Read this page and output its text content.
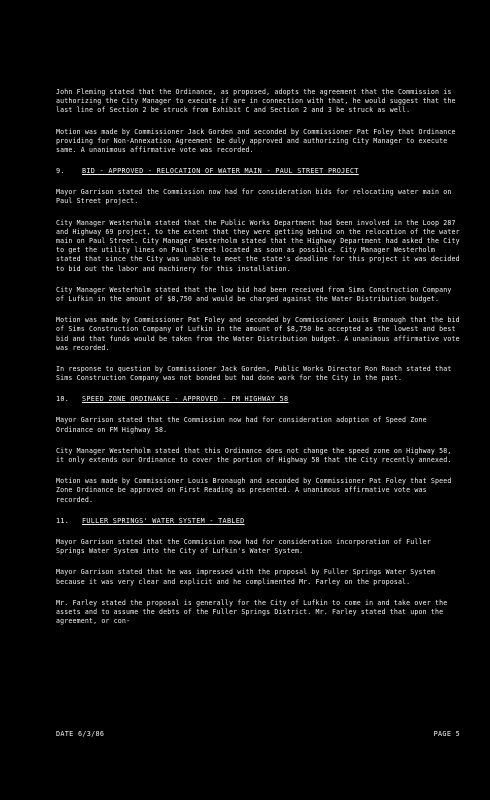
John Fleming stated that the Ordinance, as proposed, adopts the agreement that the Commission is authorizing the City Manager to execute if are in connection with that, he would suggest that the last line of Section 2 be struck from Exhibit C and Section 2 and 3 be struck as well.

Motion was made by Commissioner Jack Gorden and seconded by Commissioner Pat Foley that Ordinance providing for Non-Annexation Agreement be duly approved and authorizing City Manager to execute same. A unanimous affirmative vote was recorded.

9.	BID - APPROVED - RELOCATION OF WATER MAIN - PAUL STREET PROJECT

Mayor Garrison stated the Commission now had for consideration bids for relocating water main on Paul Street project.

City Manager Westerholm stated that the Public Works Department had been involved in the Loop 287 and Highway 69 project, to the extent that they were getting behind on the relocation of the water main on Paul Street. City Manager Westerholm stated that the Highway Department had asked the City to get the utility lines on Paul Street located as soon as possible. City Manager Westerholm stated that since the City was unable to meet the state's deadline for this project it was decided to bid out the labor and machinery for this installation.

City Manager Westerholm stated that the low bid had been received from Sims Construction Company of Lufkin in the amount of $8,750 and would be charged against the Water Distribution budget.

Motion was made by Commissioner Pat Foley and seconded by Commissioner Louis Bronaugh that the bid of Sims Construction Company of Lufkin in the amount of $8,750 be accepted as the lowest and best bid and that funds would be taken from the Water Distribution budget. A unanimous affirmative vote was recorded.

In response to question by Commissioner Jack Gorden, Public Works Director Ron Roach stated that Sims Construction Company was not bonded but had done work for the City in the past.

10. SPEED ZONE ORDINANCE - APPROVED - FM HIGHWAY 58

Mayor Garrison stated that the Commission now had for consideration adoption of Speed Zone Ordinance on FM Highway 58.

City Manager Westerholm stated that this Ordinance does not change the speed zone on Highway 58, it only extends our Ordinance to cover the portion of Highway 58 that the City recently annexed.

Motion was made by Commissioner Louis Bronaugh and seconded by Commissioner Pat Foley that Speed Zone Ordinance be approved on First Reading as presented. A unanimous affirmative vote was recorded.

11. FULLER SPRINGS' WATER SYSTEM - TABLED

Mayor Garrison stated that the Commission now had for consideration incorporation of Fuller Springs Water System into the City of Lufkin's Water System.

Mayor Garrison stated that he was impressed with the proposal by Fuller Springs Water System because it was very clear and explicit and he complimented Mr. Farley on the proposal.

Mr. Farley stated the proposal is generally for the City of Lufkin to come in and take over the assets and to assume the debts of the Fuller Springs District. Mr. Farley stated that upon the agreement, or con-

DATE 6/3/86	PAGE 5
